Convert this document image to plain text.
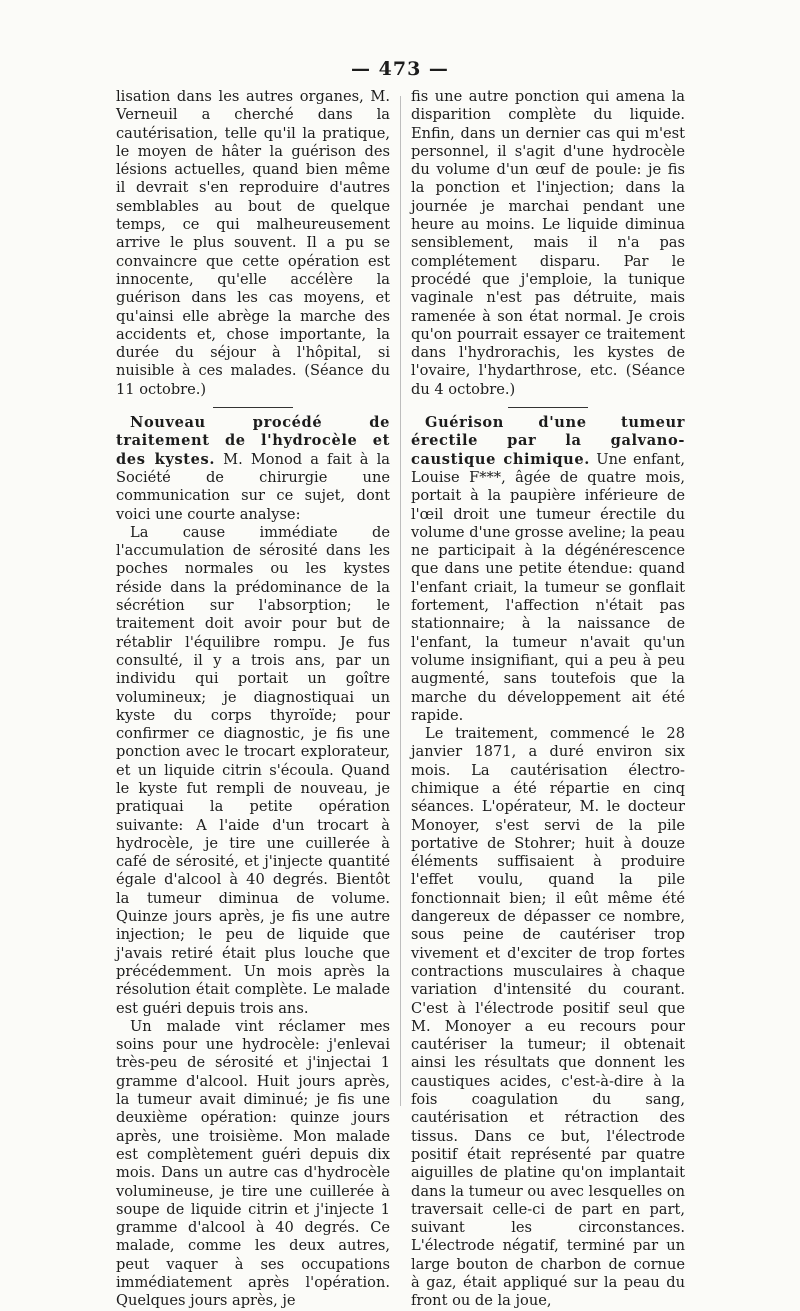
— 473 —

lisation dans les autres organes, M. Verneuil a cherché dans la cautérisation, telle qu'il la pratique, le moyen de hâter la guérison des lésions actuelles, quand bien même il devrait s'en reproduire d'autres semblables au bout de quelque temps, ce qui malheureusement arrive le plus souvent. Il a pu se convaincre que cette opération est innocente, qu'elle accélère la guérison dans les cas moyens, et qu'ainsi elle abrège la marche des accidents et, chose importante, la durée du séjour à l'hôpital, si nuisible à ces malades. (Séance du 11 octobre.)

Nouveau procédé de traitement de l'hydrocèle et des kystes. M. Monod a fait à la Société de chirurgie une communication sur ce sujet, dont voici une courte analyse:

La cause immédiate de l'accumulation de sérosité dans les poches normales ou les kystes réside dans la prédominance de la sécrétion sur l'absorption; le traitement doit avoir pour but de rétablir l'équilibre rompu. Je fus consulté, il y a trois ans, par un individu qui portait un goître volumineux; je diagnostiquai un kyste du corps thyroïde; pour confirmer ce diagnostic, je fis une ponction avec le trocart explorateur, et un liquide citrin s'écoula. Quand le kyste fut rempli de nouveau, je pratiquai la petite opération suivante: A l'aide d'un trocart à hydrocèle, je tire une cuillerée à café de sérosité, et j'injecte quantité égale d'alcool à 40 degrés. Bientôt la tumeur diminua de volume. Quinze jours après, je fis une autre injection; le peu de liquide que j'avais retiré était plus louche que précédemment. Un mois après la résolution était complète. Le malade est guéri depuis trois ans.

Un malade vint réclamer mes soins pour une hydrocèle: j'enlevai très-peu de sérosité et j'injectai 1 gramme d'alcool. Huit jours après, la tumeur avait diminué; je fis une deuxième opération: quinze jours après, une troisième. Mon malade est complètement guéri depuis dix mois. Dans un autre cas d'hydrocèle volumineuse, je tire une cuillerée à soupe de liquide citrin et j'injecte 1 gramme d'alcool à 40 degrés. Ce malade, comme les deux autres, peut vaquer à ses occupations immédiatement après l'opération. Quelques jours après, je

fis une autre ponction qui amena la disparition complète du liquide. Enfin, dans un dernier cas qui m'est personnel, il s'agit d'une hydrocèle du volume d'un œuf de poule: je fis la ponction et l'injection; dans la journée je marchai pendant une heure au moins. Le liquide diminua sensiblement, mais il n'a pas complétement disparu. Par le procédé que j'emploie, la tunique vaginale n'est pas détruite, mais ramenée à son état normal. Je crois qu'on pourrait essayer ce traitement dans l'hydrorachis, les kystes de l'ovaire, l'hydarthrose, etc. (Séance du 4 octobre.)

Guérison d'une tumeur érectile par la galvano-caustique chimique. Une enfant, Louise F***, âgée de quatre mois, portait à la paupière inférieure de l'œil droit une tumeur érectile du volume d'une grosse aveline; la peau ne participait à la dégénérescence que dans une petite étendue: quand l'enfant criait, la tumeur se gonflait fortement, l'affection n'était pas stationnaire; à la naissance de l'enfant, la tumeur n'avait qu'un volume insignifiant, qui a peu à peu augmenté, sans toutefois que la marche du développement ait été rapide.

Le traitement, commencé le 28 janvier 1871, a duré environ six mois. La cautérisation électro-chimique a été répartie en cinq séances. L'opérateur, M. le docteur Monoyer, s'est servi de la pile portative de Stohrer; huit à douze éléments suffisaient à produire l'effet voulu, quand la pile fonctionnait bien; il eût même été dangereux de dépasser ce nombre, sous peine de cautériser trop vivement et d'exciter de trop fortes contractions musculaires à chaque variation d'intensité du courant. C'est à l'électrode positif seul que M. Monoyer a eu recours pour cautériser la tumeur; il obtenait ainsi les résultats que donnent les caustiques acides, c'est-à-dire à la fois coagulation du sang, cautérisation et rétraction des tissus. Dans ce but, l'électrode positif était représenté par quatre aiguilles de platine qu'on implantait dans la tumeur ou avec lesquelles on traversait celle-ci de part en part, suivant les circonstances. L'électrode négatif, terminé par un large bouton de charbon de cornue à gaz, était appliqué sur la peau du front ou de la joue,
